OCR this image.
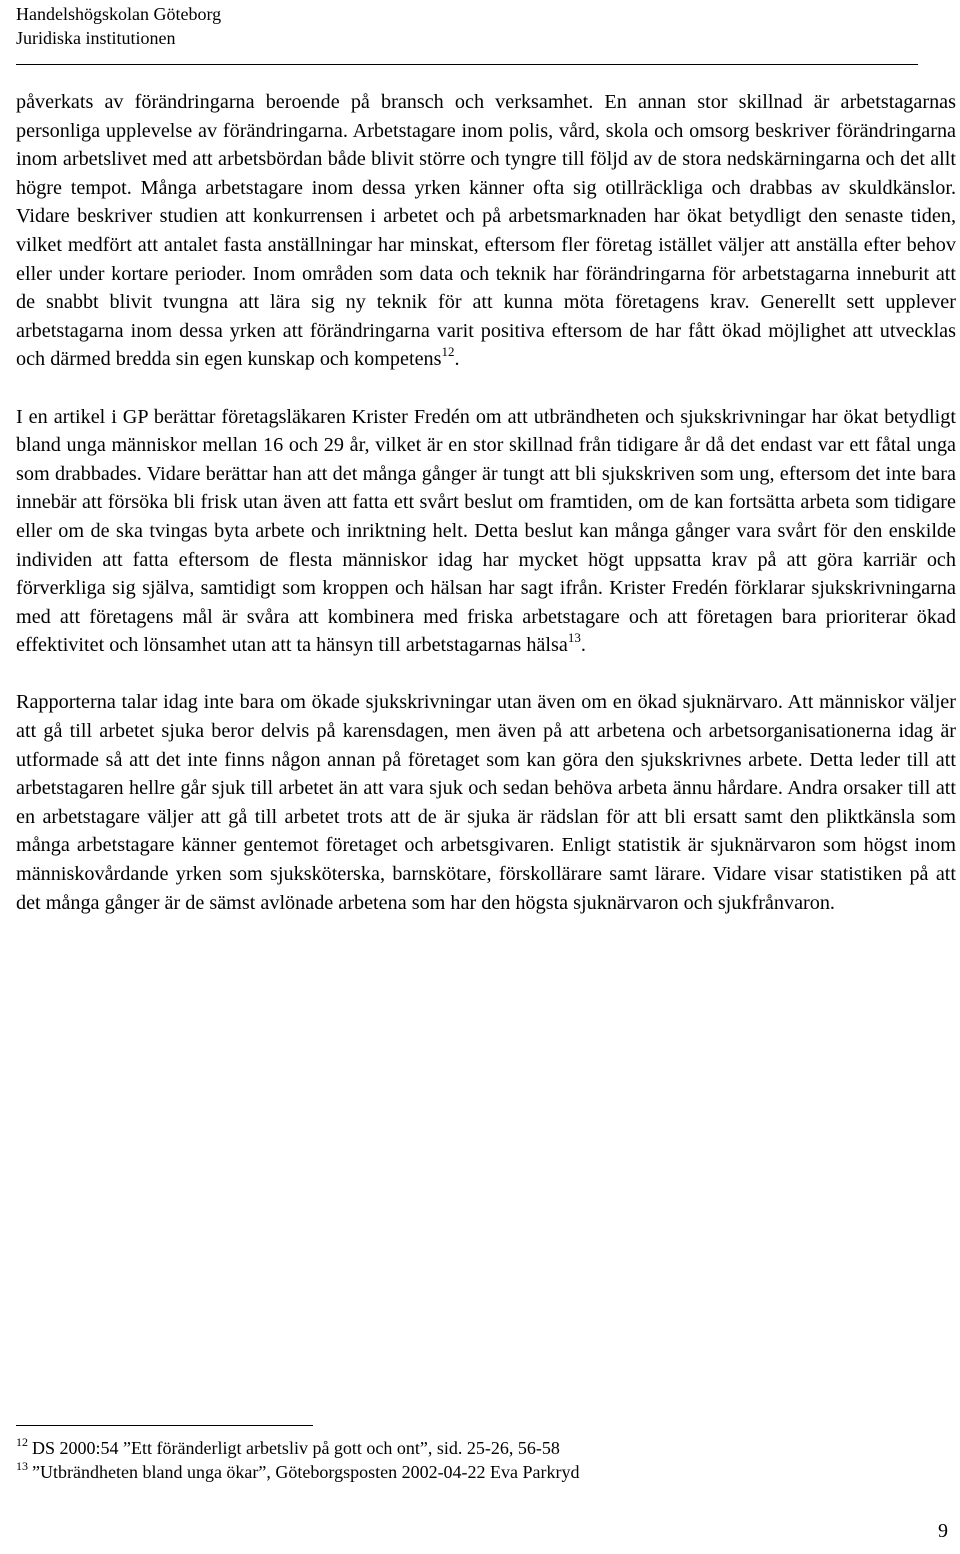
Handelshögskolan Göteborg
Juridiska institutionen

påverkats av förändringarna beroende på bransch och verksamhet. En annan stor skillnad är arbetstagarnas personliga upplevelse av förändringarna. Arbetstagare inom polis, vård, skola och omsorg beskriver förändringarna inom arbetslivet med att arbetsbördan både blivit större och tyngre till följd av de stora nedskärningarna och det allt högre tempot. Många arbetstagare inom dessa yrken känner ofta sig otillräckliga och drabbas av skuldkänslor. Vidare beskriver studien att konkurrensen i arbetet och på arbetsmarknaden har ökat betydligt den senaste tiden, vilket medfört att antalet fasta anställningar har minskat, eftersom fler företag istället väljer att anställa efter behov eller under kortare perioder. Inom områden som data och teknik har förändringarna för arbetstagarna inneburit att de snabbt blivit tvungna att lära sig ny teknik för att kunna möta företagens krav. Generellt sett upplever arbetstagarna inom dessa yrken att förändringarna varit positiva eftersom de har fått ökad möjlighet att utvecklas och därmed bredda sin egen kunskap och kompetens$^{12}$.

I en artikel i GP berättar företagsläkaren Krister Fredén om att utbrändheten och sjukskrivningar har ökat betydligt bland unga människor mellan 16 och 29 år, vilket är en stor skillnad från tidigare år då det endast var ett fåtal unga som drabbades. Vidare berättar han att det många gånger är tungt att bli sjukskriven som ung, eftersom det inte bara innebär att försöka bli frisk utan även att fatta ett svårt beslut om framtiden, om de kan fortsätta arbeta som tidigare eller om de ska tvingas byta arbete och inriktning helt. Detta beslut kan många gånger vara svårt för den enskilde individen att fatta eftersom de flesta människor idag har mycket högt uppsatta krav på att göra karriär och förverkliga sig själva, samtidigt som kroppen och hälsan har sagt ifrån. Krister Fredén förklarar sjukskrivningarna med att företagens mål är svåra att kombinera med friska arbetstagare och att företagen bara prioriterar ökad effektivitet och lönsamhet utan att ta hänsyn till arbetstagarnas hälsa$^{13}$.

Rapporterna talar idag inte bara om ökade sjukskrivningar utan även om en ökad sjuknärvaro. Att människor väljer att gå till arbetet sjuka beror delvis på karensdagen, men även på att arbetena och arbetsorganisationerna idag är utformade så att det inte finns någon annan på företaget som kan göra den sjukskrivnes arbete. Detta leder till att arbetstagaren hellre går sjuk till arbetet än att vara sjuk och sedan behöva arbeta ännu hårdare. Andra orsaker till att en arbetstagare väljer att gå till arbetet trots att de är sjuka är rädslan för att bli ersatt samt den pliktkänsla som många arbetstagare känner gentemot företaget och arbetsgivaren. Enligt statistik är sjuknärvaron som högst inom människovårdande yrken som sjuksköterska, barnskötare, förskollärare samt lärare. Vidare visar statistiken på att det många gånger är de sämst avlönade arbetena som har den högsta sjuknärvaron och sjukfrånvaron.

$^{12}$ DS 2000:54 ”Ett föränderligt arbetsliv på gott och ont”, sid. 25-26, 56-58
$^{13}$ ”Utbrändheten bland unga ökar”, Göteborgsposten 2002-04-22 Eva Parkryd
9
